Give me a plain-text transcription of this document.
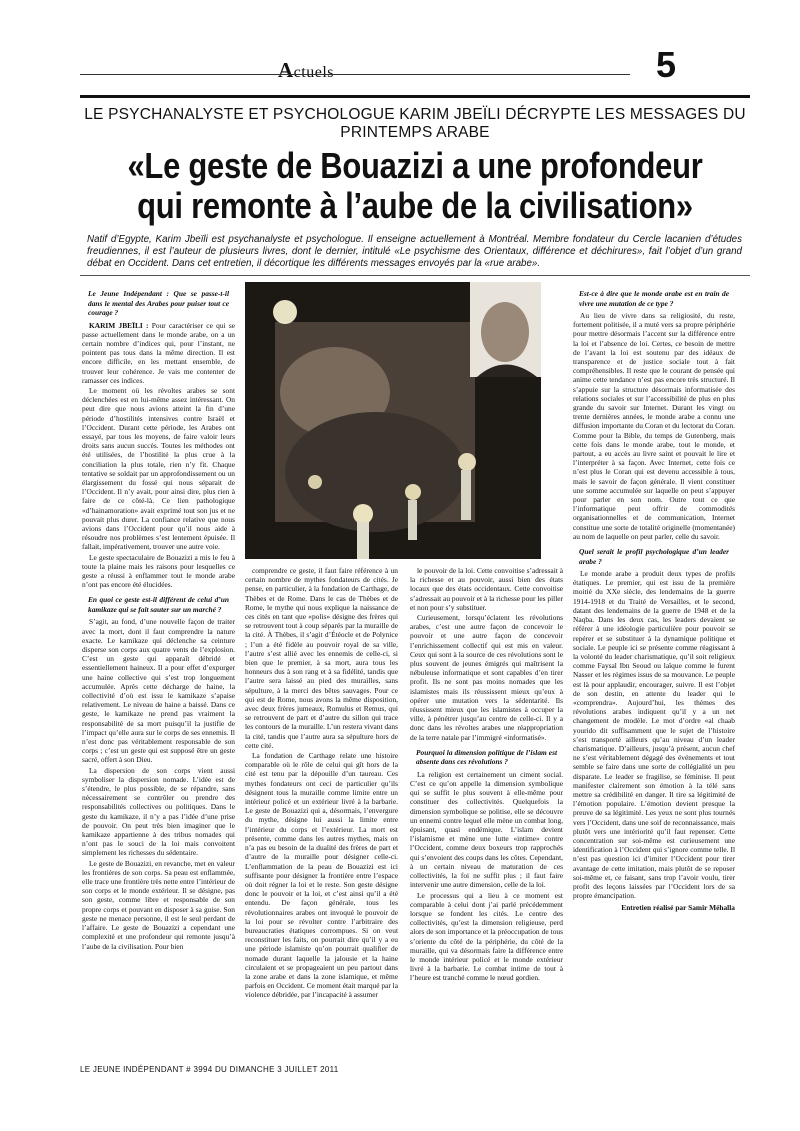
Actuels	5
LE PSYCHANALYSTE ET PSYCHOLOGUE KARIM JBEÏLI DÉCRYPTE LES MESSAGES DU PRINTEMPS ARABE
«Le geste de Bouazizi a une profondeur qui remonte à l’aube de la civilisation»
Natif d’Egypte, Karim Jbeïli est psychanalyste et psychologue. Il enseigne actuellement à Montréal. Membre fondateur du Cercle lacanien d’études freudiennes, il est l’auteur de plusieurs livres, dont le dernier, intitulé «Le psychisme des Orientaux, différence et déchirures», fait l’objet d’un grand débat en Occident. Dans cet entretien, il décortique les différents messages envoyés par la «rue arabe».

Le Jeune Indépendant : Que se passe-t-il dans le mental des Arabes pour puiser tout ce courage ?

KARIM JBEÏLI : Pour caractériser ce qui se passe actuellement dans le monde arabe, on a un certain nombre d’indices qui, pour l’instant, ne pointent pas tous dans la même direction. Il est encore difficile, en les mettant ensemble, de trouver leur cohérence. Je vais me contenter de ramasser ces indices.

Le moment où les révoltes arabes se sont déclenchées est en lui-même assez intéressant. On peut dire que nous avions atteint la fin d’une période d’hostilités intensives contre Israël et l’Occident. Durant cette période, les Arabes ont essayé, par tous les moyens, de faire valoir leurs droits sans aucun succès. Toutes les méthodes ont été utilisées, de l’hostilité la plus crue à la conciliation la plus totale, rien n’y fit. Chaque tentative se soldait par un approfondissement ou un élargissement du fossé qui nous séparait de l’Occident. Il n’y avait, pour ainsi dire, plus rien à faire de ce côté-là. Ce lien pathologique «d’hainamoration» avait exprimé tout son jus et ne pouvait plus durer. La confiance relative que nous avions dans l’Occident pour qu’il nous aide à résoudre nos problèmes s’est lentement épuisée. Il fallait, impérativement, trouver une autre voie.

Le geste spectaculaire de Bouazizi a mis le feu à toute la plaine mais les raisons pour lesquelles ce geste a réussi à enflammer tout le monde arabe n’ont pas encore été élucidées.

En quoi ce geste est-il différent de celui d’un kamikaze qui se fait sauter sur un marché ?

S’agit, au fond, d’une nouvelle façon de traiter avec la mort, dont il faut comprendre la nature exacte. Le kamikaze qui déclenche sa ceinture disperse son corps aux quatre vents de l’explosion. C’est un geste qui apparaît débridé et essentiellement haineux. Il a pour effet d’expurger une haine collective qui s’est trop longuement accumulée. Après cette décharge de haine, la collectivité d’où est issu le kamikaze s’apaise relativement. Le niveau de haine a baissé. Dans ce geste, le kamikaze ne prend pas vraiment la responsabilité de sa mort puisqu’il la justifie de l’impact qu’elle aura sur le corps de ses ennemis. Il n’est donc pas véritablement responsable de son corps ; c’est un geste qui est supposé être un geste sacré, offert à son Dieu.

La dispersion de son corps vient aussi symboliser la dispersion nomade. L’idée est de s’étendre, le plus possible, de se répandre, sans nécessairement se contrôler ou prendre des responsabilités collectives ou politiques. Dans le geste du kamikaze, il n’y a pas l’idée d’une prise de pouvoir. On peut très bien imaginer que le kamikaze appartienne à des tribus nomades qui n’ont pas le souci de la loi mais convoitent simplement les richesses du sédentaire.

Le geste de Bouazizi, en revanche, met en valeur les frontières de son corps. Sa peau est enflammée, elle trace une frontière très nette entre l’intérieur de son corps et le monde extérieur. Il se désigne, pas son geste, comme libre et responsable de son propre corps et pouvant en disposer à sa guise. Son geste ne menace personne, il est le seul perdant de l’affaire. Le geste de Bouazizi a cependant une complexité et une profondeur qui remonte jusqu’à l’aube de la civilisation. Pour bien

comprendre ce geste, il faut faire référence à un certain nombre de mythes fondateurs de cités. Je pense, en particulier, à la fondation de Carthage, de Thèbes et de Rome. Dans le cas de Thèbes et de Rome, le mythe qui nous explique la naissance de ces cités en tant que «polis» désigne des frères qui se retrouvent tout à coup séparés par la muraille de la cité. À Thèbes, il s’agit d’Étéocle et de Polynice ; l’un a été fidèle au pouvoir royal de sa ville, l’autre s’est allié avec les ennemis de celle-ci, si bien que le premier, à sa mort, aura tous les honneurs dus à son rang et à sa fidélité, tandis que l’autre sera laissé au pied des murailles, sans sépulture, à la merci des bêtes sauvages. Pour ce qui est de Rome, nous avons la même disposition, avec deux frères jumeaux, Romulus et Remus, qui se retrouvent de part et d’autre du sillon qui trace les contours de la muraille. L’un restera vivant dans la cité, tandis que l’autre aura sa sépulture hors de cette cité.

La fondation de Carthage relate une histoire comparable où le rôle de celui qui gît hors de la cité est tenu par la dépouille d’un taureau. Ces mythes fondateurs ont ceci de particulier qu’ils désignent tous la muraille comme limite entre un intérieur policé et un extérieur livré à la barbarie. Le geste de Bouazizi qui a, désormais, l’envergure du mythe, désigne lui aussi la limite entre l’intérieur du corps et l’extérieur. La mort est présente, comme dans les autres mythes, mais on n’a pas eu besoin de la dualité des frères de part et d’autre de la muraille pour désigner celle-ci. L’enflammation de la peau de Bouazizi est ici suffisante pour désigner la frontière entre l’espace où doit régner la loi et le reste. Son geste désigne donc le pouvoir et la loi, et c’est ainsi qu’il a été entendu. De façon générale, tous les révolutionnaires arabes ont invoqué le pouvoir de la loi pour se révolter contre l’arbitraire des bureaucraties étatiques corrompues. Si on veut reconstituer les faits, on pourrait dire qu’il y a eu une période islamiste qu’on pourrait qualifier de nomade durant laquelle la jalousie et la haine circulaient et se propageaient un peu partout dans la zone arabe et dans la zone islamique, et même parfois en Occident. Ce moment était marqué par la violence débridée, par l’incapacité à assumer

le pouvoir de la loi. Cette convoitise s’adressait à la richesse et au pouvoir, aussi bien des états locaux que des états occidentaux. Cette convoitise s’adressait au pouvoir et à la richesse pour les piller et non pour s’y substituer.

Curieusement, lorsqu’éclatent les révolutions arabes, c’est une autre façon de concevoir le pouvoir et une autre façon de concevoir l’enrichissement collectif qui est mis en valeur. Ceux qui sont à la source de ces révolutions sont le plus souvent de jeunes émigrés qui maîtrisent la nébuleuse informatique et sont capables d’en tirer profit. Ils ne sont pas moins nomades que les islamistes mais ils réussissent mieux qu’eux à opérer une mutation vers la sédentarité. Ils réussissent mieux que les islamistes à occuper la ville, à pénétrer jusqu’au centre de celle-ci. Il y a donc dans les révoltes arabes une réappropriation de la terre natale par l’immigré «informatisé».

Pourquoi la dimension politique de l’islam est absente dans ces révolutions ?

La religion est certainement un ciment social. C’est ce qu’on appelle la dimension symbolique qui se suffit le plus souvent à elle-même pour constituer des collectivités. Quelquefois la dimension symbolique se politise, elle se découvre un ennemi contre lequel elle mène un combat long, épuisant, quasi endémique. L’islam devient l’islamisme et mène une lutte «intime» contre l’Occident, comme deux boxeurs trop rapprochés qui s’envoient des coups dans les côtes. Cependant, à un certain niveau de maturation de ces collectivités, la foi ne suffit plus ; il faut faire intervenir une autre dimension, celle de la loi.

Le processus qui a lieu à ce moment est comparable à celui dont j’ai parlé précédemment lorsque se fondent les cités. Le centre des collectivités, qu’est la dimension religieuse, perd alors de son importance et la préoccupation de tous s’oriente du côté de la périphérie, du côté de la muraille, qui va désormais faire la différence entre le monde intérieur policé et le monde extérieur livré à la barbarie. Le combat intime de tout à l’heure est tranché comme le nœud gordien.

Est-ce à dire que le monde arabe est en train de vivre une mutation de ce type ?

Au lieu de vivre dans sa religiosité, du reste, fortement politisée, il a muté vers sa propre périphérie pour mettre désormais l’accent sur la différence entre la loi et l’absence de loi. Certes, ce besoin de mettre de l’avant la loi est soutenu par des idéaux de transparence et de justice sociale tout à fait compréhensibles. Il reste que le courant de pensée qui anime cette tendance n’est pas encore très structuré. Il s’appuie sur la structure désormais informatisée des relations sociales et sur l’accessibilité de plus en plus grande du savoir sur Internet. Durant les vingt ou trente dernières années, le monde arabe a connu une diffusion importante du Coran et du lectorat du Coran. Comme pour la Bible, du temps de Gutenberg, mais cette fois dans le monde arabe, tout le monde, et partout, a eu accès au livre saint et pouvait le lire et l’interpréter à sa façon. Avec Internet, cette fois ce n’est plus le Coran qui est devenu accessible à tous, mais le savoir de façon générale. Il vient constituer une somme accumulée sur laquelle on peut s’appuyer pour parler en son nom. Outre tout ce que l’informatique peut offrir de commodités organisationnelles et de communication, Internet constitue une sorte de totalité originelle (momentanée) au nom de laquelle on peut parler, celle du savoir.

Quel serait le profil psychologique d’un leader arabe ?

Le monde arabe a produit deux types de profils étatiques. Le premier, qui est issu de la première moitié du XXe siècle, des lendemains de la guerre 1914-1918 et du Traité de Versailles, et le second, datant des lendemains de la guerre de 1948 et de la Naqba. Dans les deux cas, les leaders devaient se référer à une idéologie particulière pour pouvoir se repérer et se substituer à la dynamique politique et sociale. Le peuple ici se présente comme réagissant à la volonté du leader charismatique, qu’il soit religieux comme Faysal Ibn Seoud ou laïque comme le furent Nasser et les régimes issus de sa mouvance. Le peuple est là pour applaudir, encourager, suivre. Il est l’objet de son destin, en attente du leader qui le «comprendra». Aujourd’hui, les thèmes des révolutions arabes indiquent qu’il y a un net changement de modèle. Le mot d’ordre «al chaab yourido dit suffisamment que le sujet de l’histoire s’est transporté ailleurs qu’au niveau d’un leader charismatique. D’ailleurs, jusqu’à présent, aucun chef ne s’est véritablement dégagé des événements et tout semble se faire dans une sorte de collégialité un peu disparate. Le leader se fragilise, se féminise. Il peut manifester clairement son émotion à la télé sans mettre sa crédibilité en danger. Il tire sa légitimité de l’émotion populaire. L’émotion devient presque la preuve de sa légitimité. Les yeux ne sont plus tournés vers l’Occident, dans une soif de reconnaissance, mais plutôt vers une intériorité qu’il faut repenser. Cette concentration sur soi-même est curieusement une identification à l’Occident qui s’ignore comme telle. Il n’est pas question ici d’imiter l’Occident pour tirer avantage de cette imitation, mais plutôt de se reposer soi-même et, ce faisant, sans trop l’avoir voulu, tirer profit des leçons laissées par l’Occident lors de sa propre émancipation.

Entretien réalisé par Samir Méhalla

LE JEUNE INDÉPENDANT # 3994 DU DIMANCHE 3 JUILLET 2011
